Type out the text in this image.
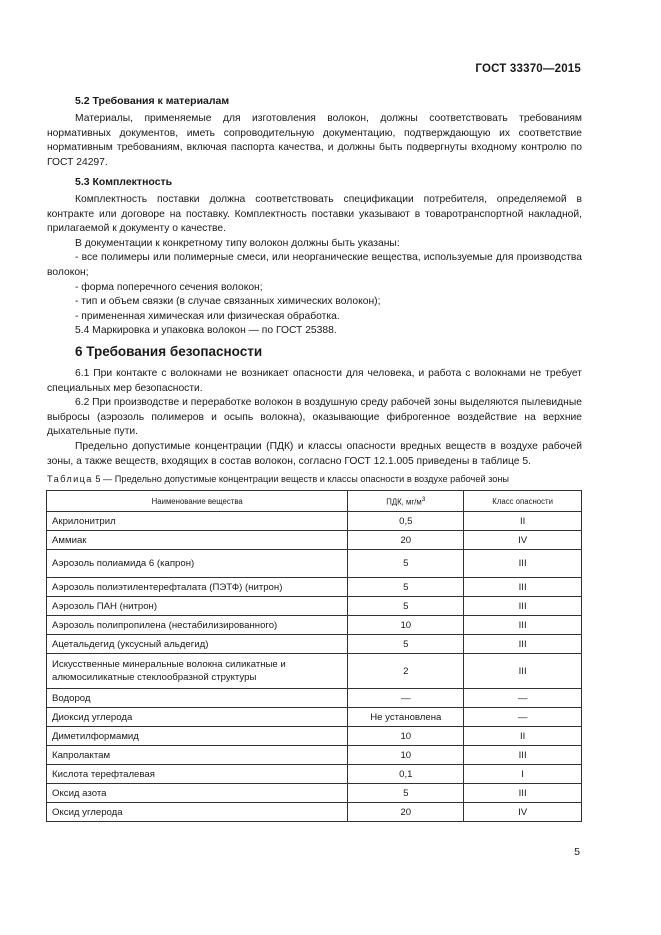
ГОСТ 33370—2015
5.2 Требования к материалам

Материалы, применяемые для изготовления волокон, должны соответствовать требованиям нормативных документов, иметь сопроводительную документацию, подтверждающую их соответствие нормативным требованиям, включая паспорта качества, и должны быть подвергнуты входному контролю по ГОСТ 24297.

5.3 Комплектность

Комплектность поставки должна соответствовать спецификации потребителя, определяемой в контракте или договоре на поставку. Комплектность поставки указывают в товаротранспортной накладной, прилагаемой к документу о качестве.

В документации к конкретному типу волокон должны быть указаны:

- все полимеры или полимерные смеси, или неорганические вещества, используемые для производства волокон;

- форма поперечного сечения волокон;

- тип и объем связки (в случае связанных химических волокон);

- примененная химическая или физическая обработка.

5.4 Маркировка и упаковка волокон — по ГОСТ 25388.

6 Требования безопасности

6.1 При контакте с волокнами не возникает опасности для человека, и работа с волокнами не требует специальных мер безопасности.

6.2 При производстве и переработке волокон в воздушную среду рабочей зоны выделяются пылевидные выбросы (аэрозоль полимеров и осыпь волокна), оказывающие фиброгенное воздействие на верхние дыхательные пути.

Предельно допустимые концентрации (ПДК) и классы опасности вредных веществ в воздухе рабочей зоны, а также веществ, входящих в состав волокон, согласно ГОСТ 12.1.005 приведены в таблице 5.

Таблица 5 — Предельно допустимые концентрации веществ и классы опасности в воздухе рабочей зоны
Наименование вещества	ПДК, $мг/м^3$	Класс опасности
Акрилонитрил	0,5	II
Аммиак	20	IV
Аэрозоль полиамида 6 (капрон)	5	III
Аэрозоль полиэтилентерефталата (ПЭТФ) (нитрон)	5	III
Аэрозоль ПАН (нитрон)	5	III
Аэрозоль полипропилена (нестабилизированного)	10	III
Ацетальдегид (уксусный альдегид)	5	III
Искусственные минеральные волокна силикатные и алюмосиликатные стеклообразной структуры	2	III
Водород	—	—
Диоксид углерода	Не установлена	—
Диметилформамид	10	II
Капролактам	10	III
Кислота терефталевая	0,1	I
Оксид азота	5	III
Оксид углерода	20	IV
5
